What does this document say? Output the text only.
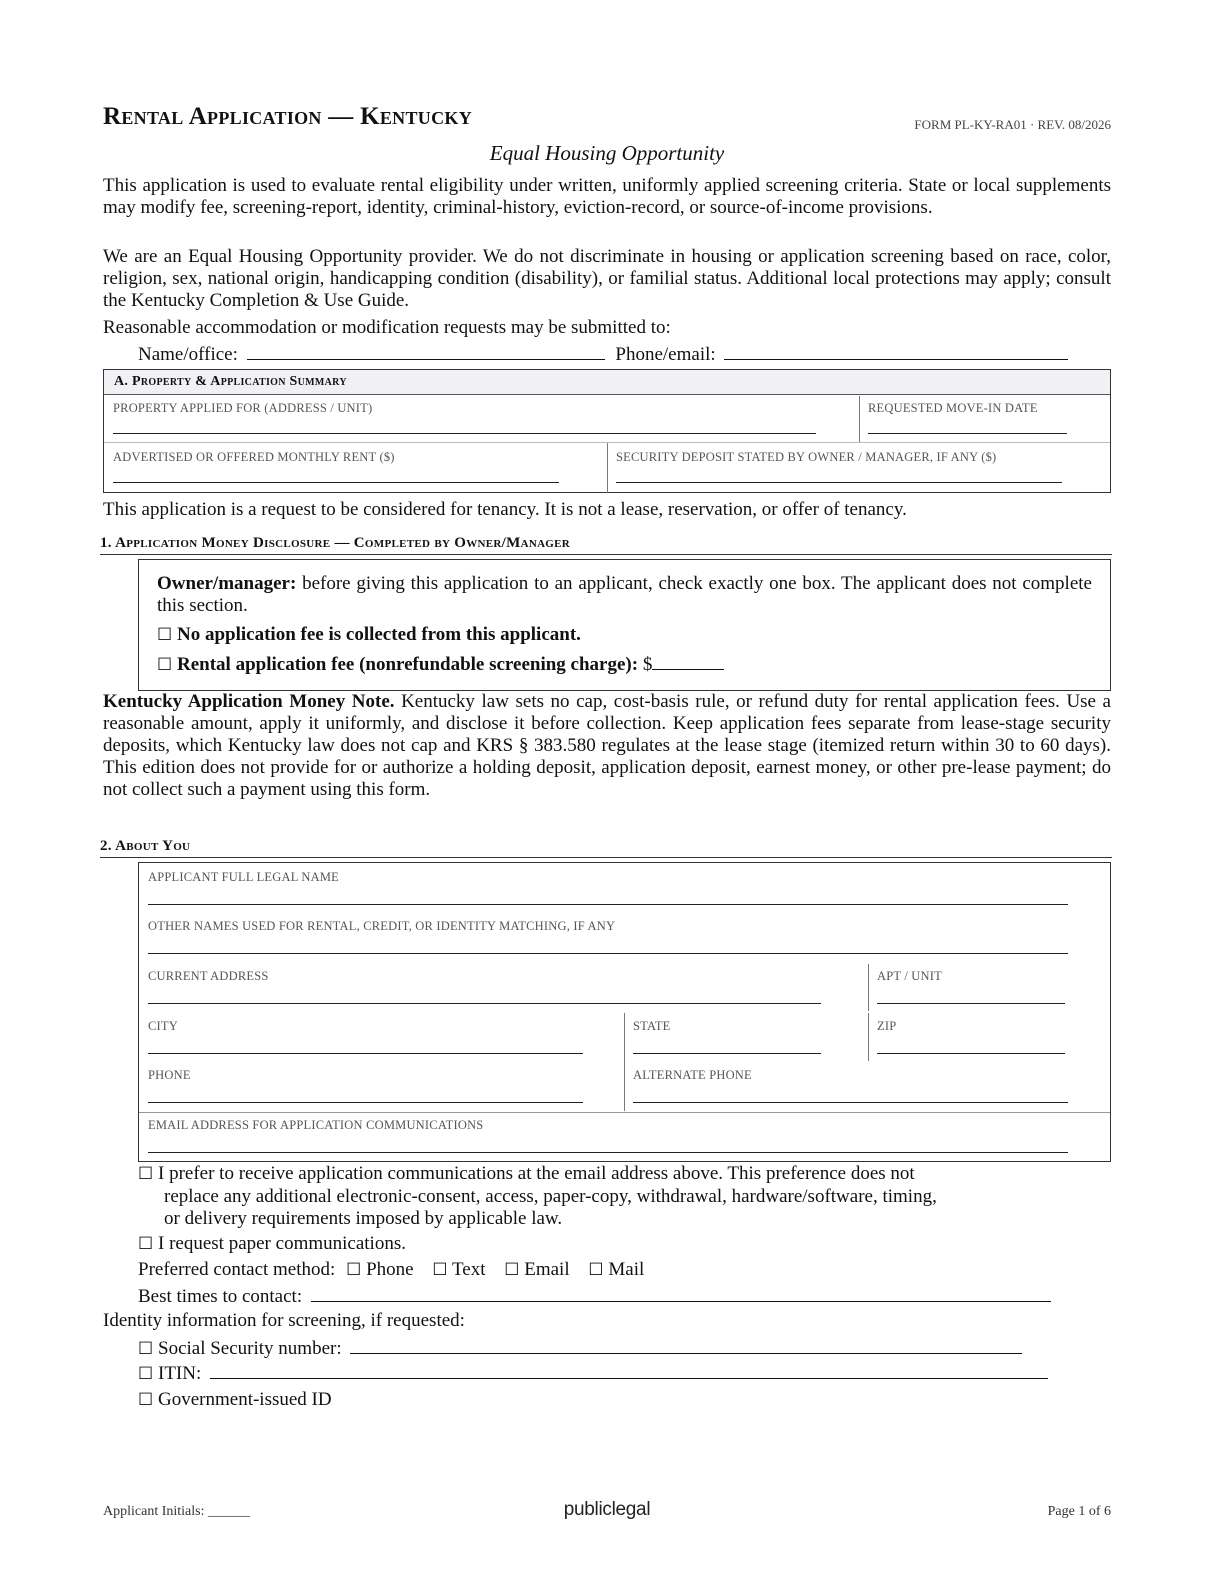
Rental Application — Kentucky	FORM PL-KY-RA01 · REV. 08/2026
Equal Housing Opportunity
This application is used to evaluate rental eligibility under written, uniformly applied screening criteria. State or local supplements may modify fee, screening-report, identity, criminal-history, eviction-record, or source-of-income provisions.
We are an Equal Housing Opportunity provider. We do not discriminate in housing or application screening based on race, color, religion, sex, national origin, handicapping condition (disability), or familial status. Additional local protections may apply; consult the Kentucky Completion & Use Guide.
Reasonable accommodation or modification requests may be submitted to:
Name/office:	Phone/email:
A. Property & Application Summary
PROPERTY APPLIED FOR (ADDRESS / UNIT)	REQUESTED MOVE-IN DATE
ADVERTISED OR OFFERED MONTHLY RENT ($)	SECURITY DEPOSIT STATED BY OWNER / MANAGER, IF ANY ($)
This application is a request to be considered for tenancy. It is not a lease, reservation, or offer of tenancy.
1. Application Money Disclosure — Completed by Owner/Manager
Owner/manager: before giving this application to an applicant, check exactly one box. The applicant does not complete this section.
☐ No application fee is collected from this applicant.
☐ Rental application fee (nonrefundable screening charge): $
Kentucky Application Money Note. Kentucky law sets no cap, cost-basis rule, or refund duty for rental application fees. Use a reasonable amount, apply it uniformly, and disclose it before collection. Keep application fees separate from lease-stage security deposits, which Kentucky law does not cap and KRS § 383.580 regulates at the lease stage (itemized return within 30 to 60 days). This edition does not provide for or authorize a holding deposit, application deposit, earnest money, or other pre-lease payment; do not collect such a payment using this form.
2. About You
APPLICANT FULL LEGAL NAME
OTHER NAMES USED FOR RENTAL, CREDIT, OR IDENTITY MATCHING, IF ANY
CURRENT ADDRESS	APT / UNIT
CITY	STATE	ZIP
PHONE	ALTERNATE PHONE
EMAIL ADDRESS FOR APPLICATION COMMUNICATIONS
☐ I prefer to receive application communications at the email address above. This preference does not
replace any additional electronic-consent, access, paper-copy, withdrawal, hardware/software, timing,
or delivery requirements imposed by applicable law.
☐ I request paper communications.
Preferred contact method: ☐ Phone ☐ Text ☐ Email ☐ Mail
Best times to contact:
Identity information for screening, if requested:
☐ Social Security number:
☐ ITIN:
☐ Government-issued ID
Applicant Initials: ______	publiclegal	Page 1 of 6
